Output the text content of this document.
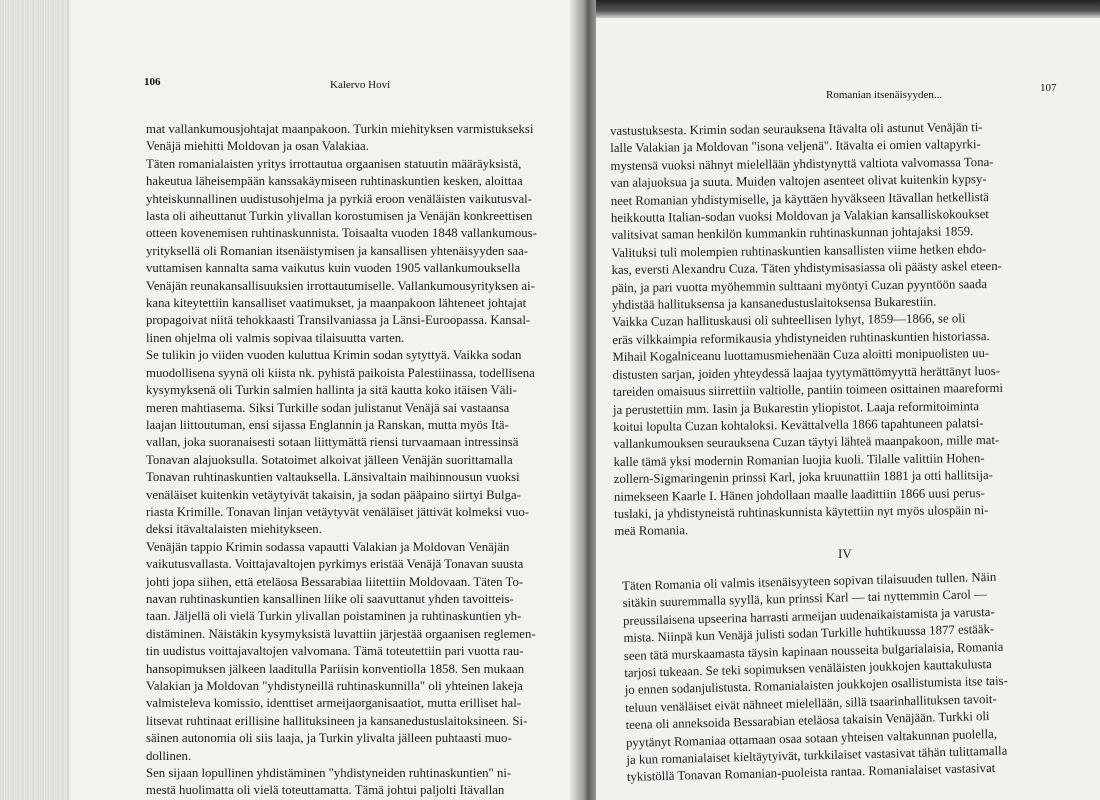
106	Kalervo Hovi
Romanian itsenäisyyden...
107
mat vallankumousjohtajat maanpakoon. Turkin miehityksen varmistukseksi
Venäjä miehitti Moldovan ja osan Valakiaa.
Täten romanialaisten yritys irrottautua orgaanisen statuutin määräyksistä,
hakeutua läheisempään kanssakäymiseen ruhtinaskuntien kesken, aloittaa
yhteiskunnallinen uudistusohjelma ja pyrkiä eroon venäläisten vaikutusval-
lasta oli aiheuttanut Turkin ylivallan korostumisen ja Venäjän konkreettisen
otteen kovenemisen ruhtinaskunnista. Toisaalta vuoden 1848 vallankumous-
yrityksellä oli Romanian itsenäistymisen ja kansallisen yhtenäisyyden saa-
vuttamisen kannalta sama vaikutus kuin vuoden 1905 vallankumouksella
Venäjän reunakansallisuuksien irrottautumiselle. Vallankumousyrityksen ai-
kana kiteytettiin kansalliset vaatimukset, ja maanpakoon lähteneet johtajat
propagoivat niitä tehokkaasti Transilvaniassa ja Länsi-Euroopassa. Kansal-
linen ohjelma oli valmis sopivaa tilaisuutta varten.
Se tulikin jo viiden vuoden kuluttua Krimin sodan sytyttyä. Vaikka sodan
muodollisena syynä oli kiista nk. pyhistä paikoista Palestiinassa, todellisena
kysymyksenä oli Turkin salmien hallinta ja sitä kautta koko itäisen Väli-
meren mahtiasema. Siksi Turkille sodan julistanut Venäjä sai vastaansa
laajan liittoutuman, ensi sijassa Englannin ja Ranskan, mutta myös Itä-
vallan, joka suoranaisesti sotaan liittymättä riensi turvaamaan intressinsä
Tonavan alajuoksulla. Sotatoimet alkoivat jälleen Venäjän suorittamalla
Tonavan ruhtinaskuntien valtauksella. Länsivaltain maihinnousun vuoksi
venäläiset kuitenkin vetäytyivät takaisin, ja sodan pääpaino siirtyi Bulga-
riasta Krimille. Tonavan linjan vetäytyvät venäläiset jättivät kolmeksi vuo-
deksi itävaltalaisten miehitykseen.
Venäjän tappio Krimin sodassa vapautti Valakian ja Moldovan Venäjän
vaikutusvallasta. Voittajavaltojen pyrkimys eristää Venäjä Tonavan suusta
johti jopa siihen, että eteläosa Bessarabiaa liitettiin Moldovaan. Täten To-
navan ruhtinaskuntien kansallinen liike oli saavuttanut yhden tavoitteis-
taan. Jäljellä oli vielä Turkin ylivallan poistaminen ja ruhtinaskuntien yh-
distäminen. Näistäkin kysymyksistä luvattiin järjestää orgaanisen reglemen-
tin uudistus voittajavaltojen valvomana. Tämä toteutettiin pari vuotta rau-
hansopimuksen jälkeen laaditulla Pariisin konventiolla 1858. Sen mukaan
Valakian ja Moldovan "yhdistyneillä ruhtinaskunnilla" oli yhteinen lakeja
valmisteleva komissio, identtiset armeijaorganisaatiot, mutta erilliset hal-
litsevat ruhtinaat erillisine hallituksineen ja kansanedustuslaitoksineen. Si-
säinen autonomia oli siis laaja, ja Turkin ylivalta jälleen puhtaasti muo-
dollinen.
Sen sijaan lopullinen yhdistäminen "yhdistyneiden ruhtinaskuntien" ni-
mestä huolimatta oli vielä toteuttamatta. Tämä johtui paljolti Itävallan
vastustuksesta. Krimin sodan seurauksena Itävalta oli astunut Venäjän ti-
lalle Valakian ja Moldovan "isona veljenä". Itävalta ei omien valtapyrki-
mystensä vuoksi nähnyt mielellään yhdistynyttä valtiota valvomassa Tona-
van alajuoksua ja suuta. Muiden valtojen asenteet olivat kuitenkin kypsy-
neet Romanian yhdistymiselle, ja käyttäen hyväkseen Itävallan hetkellistä
heikkoutta Italian-sodan vuoksi Moldovan ja Valakian kansalliskokoukset
valitsivat saman henkilön kummankin ruhtinaskunnan johtajaksi 1859.
Valituksi tuli molempien ruhtinaskuntien kansallisten viime hetken ehdo-
kas, eversti Alexandru Cuza. Täten yhdistymisasiassa oli päästy askel eteen-
päin, ja pari vuotta myöhemmin sulttaani myöntyi Cuzan pyyntöön saada
yhdistää hallituksensa ja kansanedustuslaitoksensa Bukarestiin.
Vaikka Cuzan hallituskausi oli suhteellisen lyhyt, 1859—1866, se oli
eräs vilkkaimpia reformikausia yhdistyneiden ruhtinaskuntien historiassa.
Mihail Kogalniceanu luottamusmiehenään Cuza aloitti monipuolisten uu-
distusten sarjan, joiden yhteydessä laajaa tyytymättömyyttä herättänyt luos-
tareiden omaisuus siirrettiin valtiolle, pantiin toimeen osittainen maareformi
ja perustettiin mm. Iasin ja Bukarestin yliopistot. Laaja reformitoiminta
koitui lopulta Cuzan kohtaloksi. Kevättalvella 1866 tapahtuneen palatsi-
vallankumouksen seurauksena Cuzan täytyi lähteä maanpakoon, mille mat-
kalle tämä yksi modernin Romanian luojia kuoli. Tilalle valittiin Hohen-
zollern-Sigmaringenin prinssi Karl, joka kruunattiin 1881 ja otti hallitsija-
nimekseen Kaarle I. Hänen johdollaan maalle laadittiin 1866 uusi perus-
tuslaki, ja yhdistyneistä ruhtinaskunnista käytettiin nyt myös ulospäin ni-
meä Romania.
IV
Täten Romania oli valmis itsenäisyyteen sopivan tilaisuuden tullen. Näin
sitäkin suuremmalla syyllä, kun prinssi Karl — tai nyttemmin Carol —
preussilaisena upseerina harrasti armeijan uudenaikaistamista ja varusta-
mista. Niinpä kun Venäjä julisti sodan Turkille huhtikuussa 1877 estääk-
seen tätä murskaamasta täysin kapinaan nousseita bulgarialaisia, Romania
tarjosi tukeaan. Se teki sopimuksen venäläisten joukkojen kauttakulusta
jo ennen sodanjulistusta. Romanialaisten joukkojen osallistumista itse tais-
teluun venäläiset eivät nähneet mielellään, sillä tsaarinhallituksen tavoit-
teena oli anneksoida Bessarabian eteläosa takaisin Venäjään. Turkki oli
pyytänyt Romaniaa ottamaan osaa sotaan yhteisen valtakunnan puolella,
ja kun romanialaiset kieltäytyivät, turkkilaiset vastasivat tähän tulittamalla
tykistöllä Tonavan Romanian-puoleista rantaa. Romanialaiset vastasivat
